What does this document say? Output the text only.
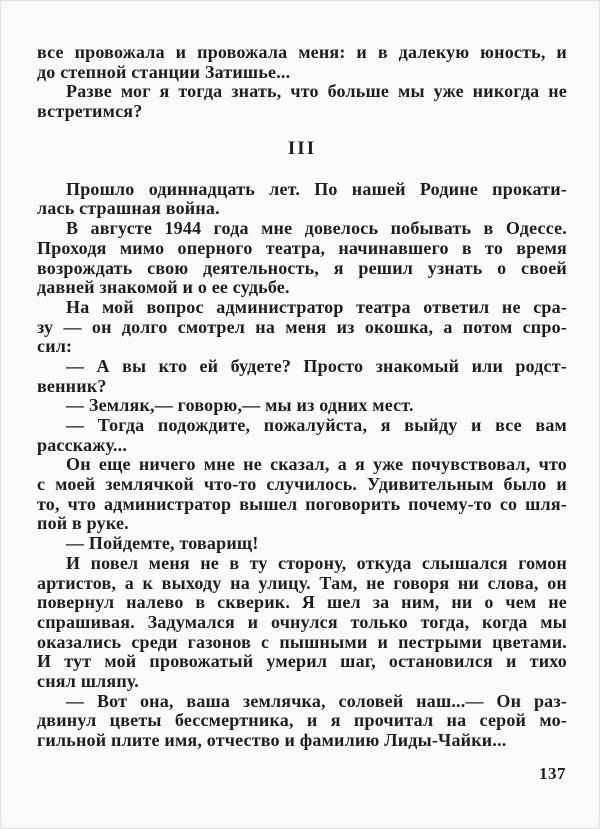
все провожала и провожала меня: и в далекую юность, и
до степной станции Затишье...
Разве мог я тогда знать, что больше мы уже никогда не
встретимся?
III
Прошло одиннадцать лет. По нашей Родине прокати-
лась страшная война.
В августе 1944 года мне довелось побывать в Одессе.
Проходя мимо оперного театра, начинавшего в то время
возрождать свою деятельность, я решил узнать о своей
давней знакомой и о ее судьбе.
На мой вопрос администратор театра ответил не сра-
зу — он долго смотрел на меня из окошка, а потом спро-
сил:
— А вы кто ей будете? Просто знакомый или родст-
венник?
— Земляк,— говорю,— мы из одних мест.
— Тогда подождите, пожалуйста, я выйду и все вам
расскажу...
Он еще ничего мне не сказал, а я уже почувствовал, что
с моей землячкой что-то случилось. Удивительным было и
то, что администратор вышел поговорить почему-то со шля-
пой в руке.
— Пойдемте, товарищ!
И повел меня не в ту сторону, откуда слышался гомон
артистов, а к выходу на улицу. Там, не говоря ни слова, он
повернул налево в скверик. Я шел за ним, ни о чем не
спрашивая. Задумался и очнулся только тогда, когда мы
оказались среди газонов с пышными и пестрыми цветами.
И тут мой провожатый умерил шаг, остановился и тихо
снял шляпу.
— Вот она, ваша землячка, соловей наш...— Он раз-
двинул цветы бессмертника, и я прочитал на серой мо-
гильной плите имя, отчество и фамилию Лиды-Чайки...
137
